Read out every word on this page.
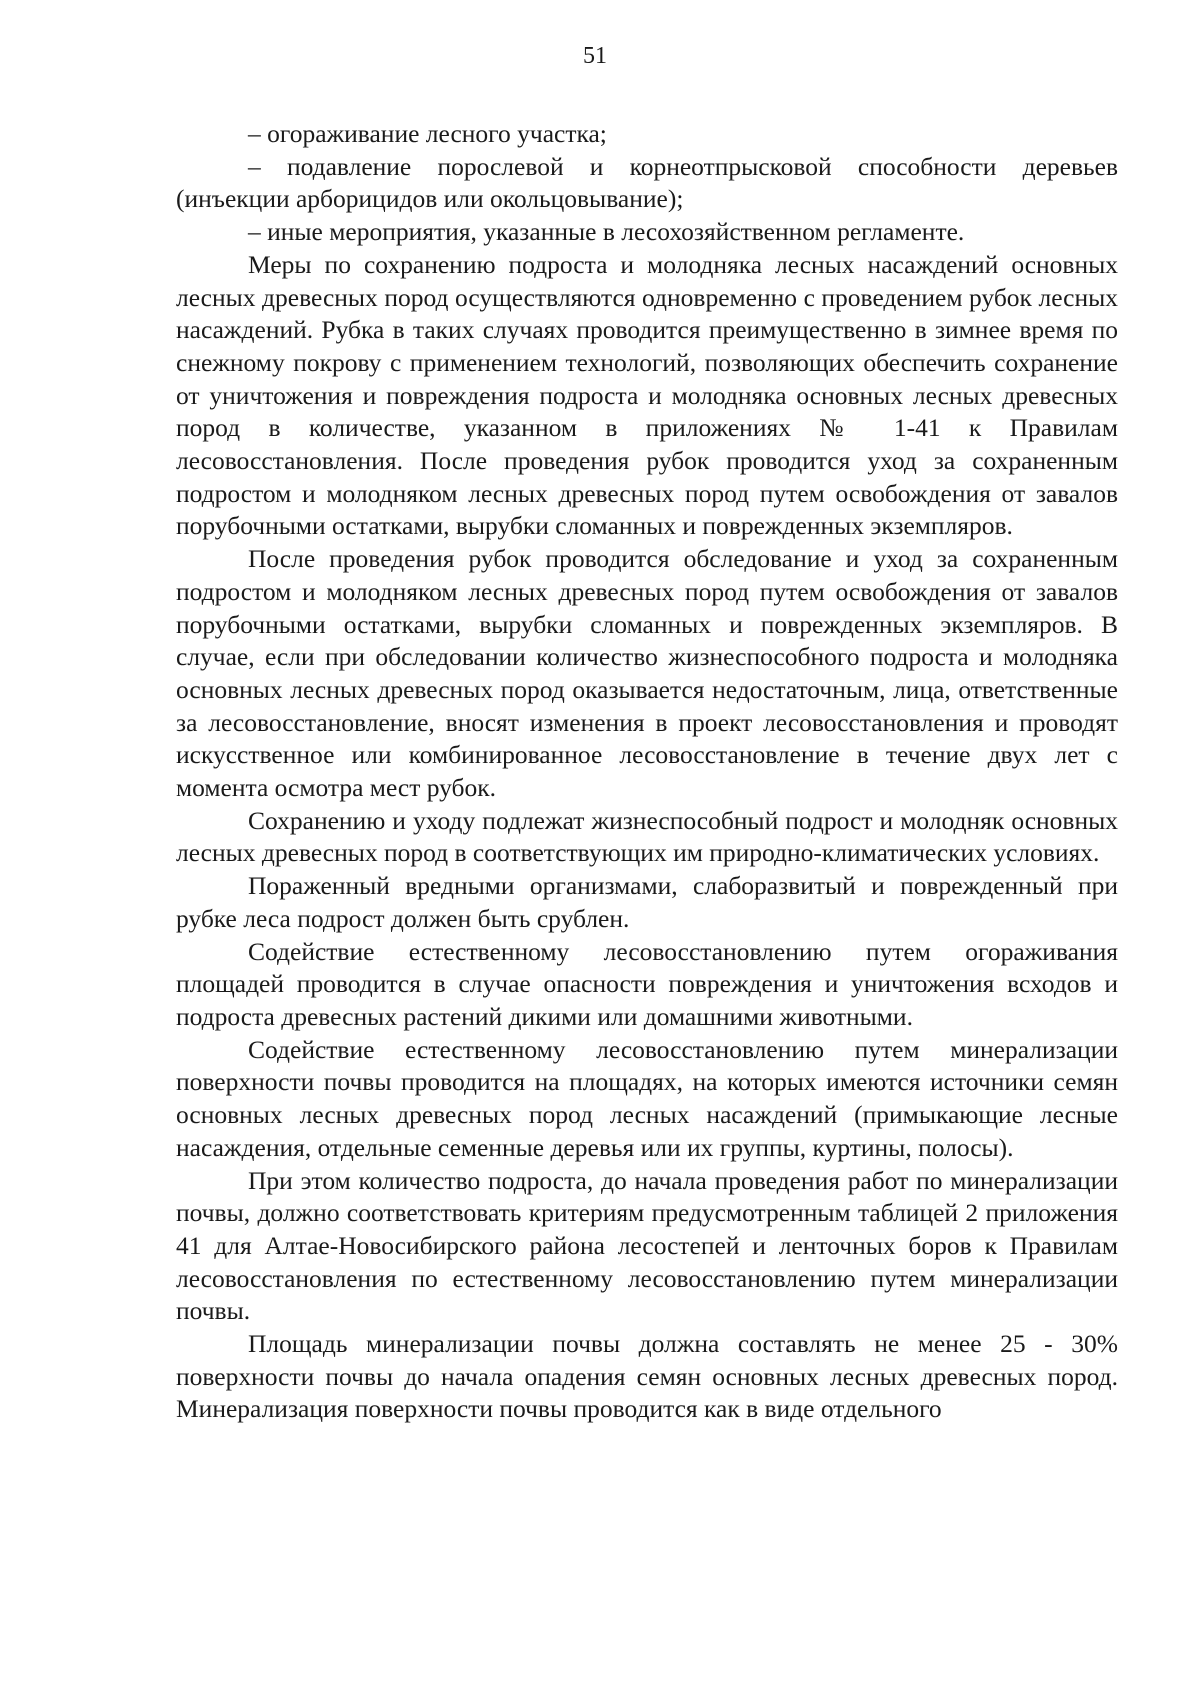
51

– огораживание лесного участка;

– подавление порослевой и корнеотпрысковой способности деревьев (инъекции арборицидов или окольцовывание);

– иные мероприятия, указанные в лесохозяйственном регламенте.

Меры по сохранению подроста и молодняка лесных насаждений основных лесных древесных пород осуществляются одновременно с проведением рубок лесных насаждений. Рубка в таких случаях проводится преимущественно в зимнее время по снежному покрову с применением технологий, позволяющих обеспечить сохранение от уничтожения и повреждения подроста и молодняка основных лесных древесных пород в количестве, указанном в приложениях № 1-41 к Правилам лесовосстановления. После проведения рубок проводится уход за сохраненным подростом и молодняком лесных древесных пород путем освобождения от завалов порубочными остатками, вырубки сломанных и поврежденных экземпляров.

После проведения рубок проводится обследование и уход за сохраненным подростом и молодняком лесных древесных пород путем освобождения от завалов порубочными остатками, вырубки сломанных и поврежденных экземпляров. В случае, если при обследовании количество жизнеспособного подроста и молодняка основных лесных древесных пород оказывается недостаточным, лица, ответственные за лесовосстановление, вносят изменения в проект лесовосстановления и проводят искусственное или комбинированное лесовосстановление в течение двух лет с момента осмотра мест рубок.

Сохранению и уходу подлежат жизнеспособный подрост и молодняк основных лесных древесных пород в соответствующих им природно-климатических условиях.

Пораженный вредными организмами, слаборазвитый и поврежденный при рубке леса подрост должен быть срублен.

Содействие естественному лесовосстановлению путем огораживания площадей проводится в случае опасности повреждения и уничтожения всходов и подроста древесных растений дикими или домашними животными.

Содействие естественному лесовосстановлению путем минерализации поверхности почвы проводится на площадях, на которых имеются источники семян основных лесных древесных пород лесных насаждений (примыкающие лесные насаждения, отдельные семенные деревья или их группы, куртины, полосы).

При этом количество подроста, до начала проведения работ по минерализации почвы, должно соответствовать критериям предусмотренным таблицей 2 приложения 41 для Алтае-Новосибирского района лесостепей и ленточных боров к Правилам лесовосстановления по естественному лесовосстановлению путем минерализации почвы.

Площадь минерализации почвы должна составлять не менее 25 - 30% поверхности почвы до начала опадения семян основных лесных древесных пород. Минерализация поверхности почвы проводится как в виде отдельного
